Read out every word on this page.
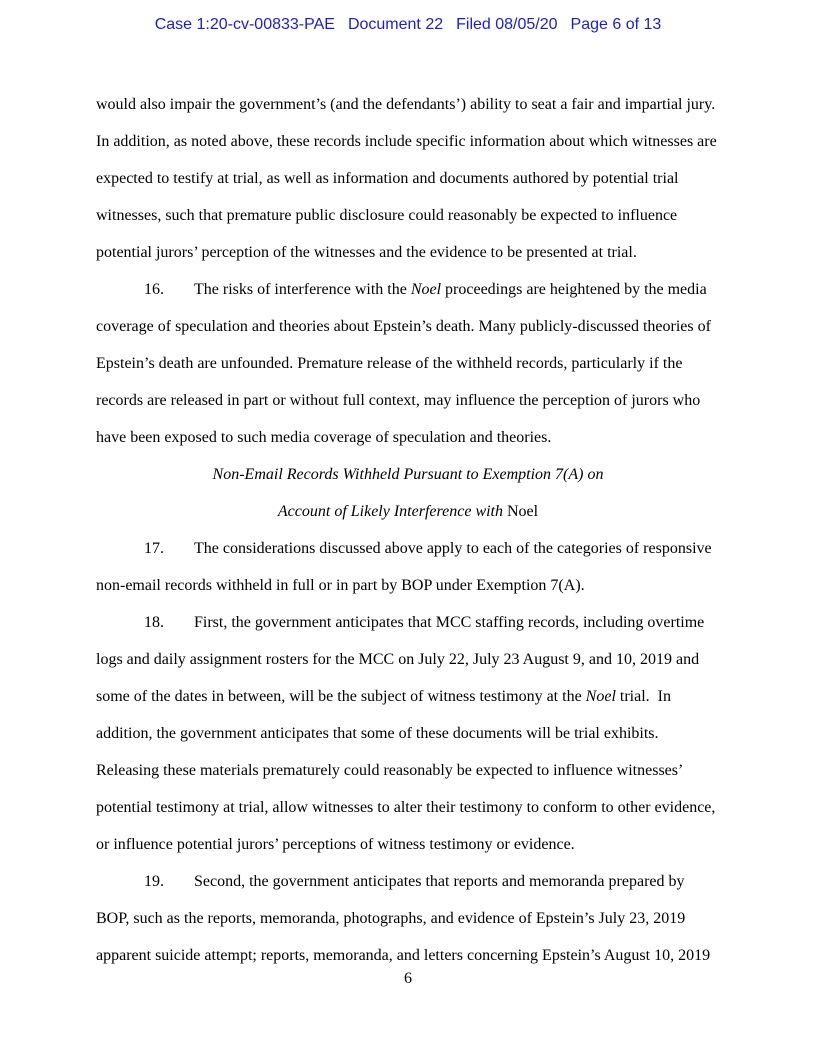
Case 1:20-cv-00833-PAE Document 22 Filed 08/05/20 Page 6 of 13

would also impair the government’s (and the defendants’) ability to seat a fair and impartial jury. In addition, as noted above, these records include specific information about which witnesses are expected to testify at trial, as well as information and documents authored by potential trial witnesses, such that premature public disclosure could reasonably be expected to influence potential jurors’ perception of the witnesses and the evidence to be presented at trial.

16. The risks of interference with the Noel proceedings are heightened by the media coverage of speculation and theories about Epstein’s death. Many publicly-discussed theories of Epstein’s death are unfounded. Premature release of the withheld records, particularly if the records are released in part or without full context, may influence the perception of jurors who have been exposed to such media coverage of speculation and theories.

Non-Email Records Withheld Pursuant to Exemption 7(A) on

Account of Likely Interference with Noel

17. The considerations discussed above apply to each of the categories of responsive non-email records withheld in full or in part by BOP under Exemption 7(A).

18. First, the government anticipates that MCC staffing records, including overtime logs and daily assignment rosters for the MCC on July 22, July 23 August 9, and 10, 2019 and some of the dates in between, will be the subject of witness testimony at the Noel trial.  In addition, the government anticipates that some of these documents will be trial exhibits. Releasing these materials prematurely could reasonably be expected to influence witnesses’ potential testimony at trial, allow witnesses to alter their testimony to conform to other evidence, or influence potential jurors’ perceptions of witness testimony or evidence.

19. Second, the government anticipates that reports and memoranda prepared by BOP, such as the reports, memoranda, photographs, and evidence of Epstein’s July 23, 2019 apparent suicide attempt; reports, memoranda, and letters concerning Epstein’s August 10, 2019

6
